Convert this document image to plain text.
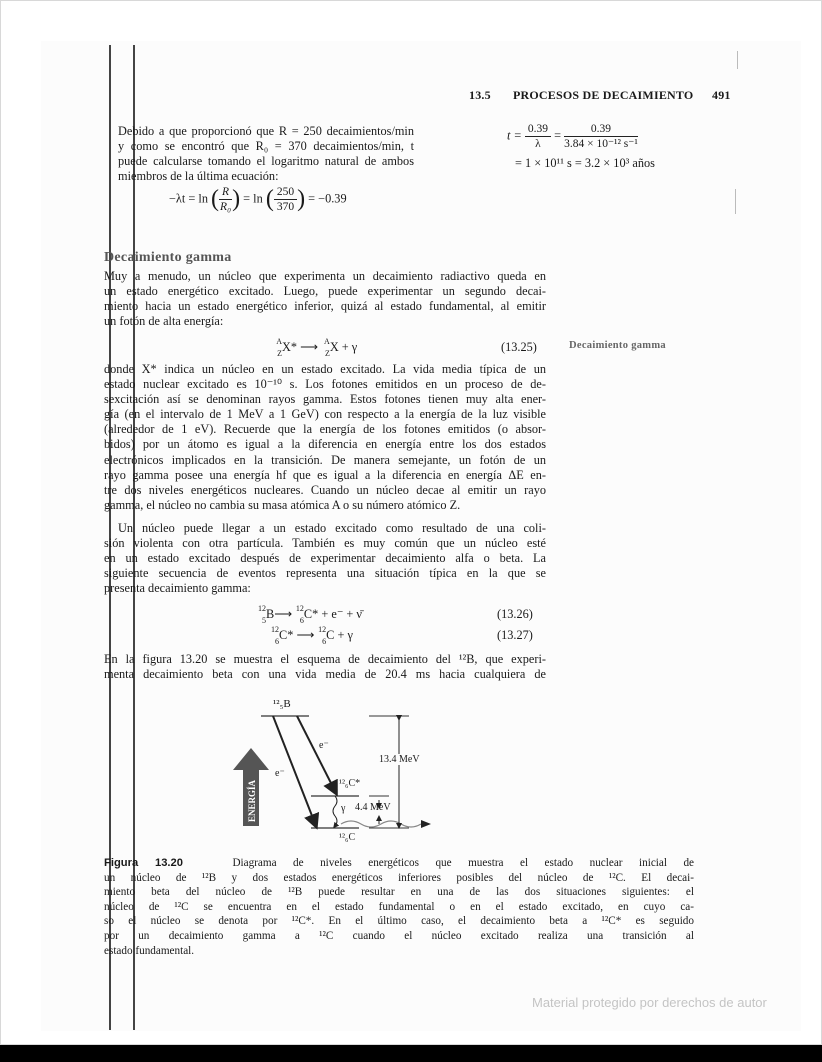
13.5 PROCESOS DE DECAIMIENTO 491
Debido a que proporcionó que R = 250 decaimientos/min
y como se encontró que R₀ = 370 decaimientos/min, t
puede calcularse tomando el logaritmo natural de ambos
miembros de la última ecuación:
−λt = ln ( $\frac{R}{\text{R₀}}$ ) = ln ( $\frac{250}{370}$ ) = −0.39
$t = \frac{0.39}{\lambda} = \frac{0.39}{\text{3.84 × 10⁻¹² s⁻¹}}$
= 1 × 10¹¹ s = 3.2 × 10³ años
Decaimiento gamma
Muy a menudo, un núcleo que experimenta un decaimiento radiactivo queda en
un estado energético excitado. Luego, puede experimentar un segundo decai-
miento hacia un estado energético inferior, quizá al estado fundamental, al emitir
un fotón de alta energía:
A
Z X* ⟶ A
Z X + γ	(13.25)	Decaimiento gamma
donde X* indica un núcleo en un estado excitado. La vida media típica de un
estado nuclear excitado es 10⁻¹⁰ s. Los fotones emitidos en un proceso de de-
sexcitación así se denominan rayos gamma. Estos fotones tienen muy alta ener-
gía (en el intervalo de 1 MeV a 1 GeV) con respecto a la energía de la luz visible
(alrededor de 1 eV). Recuerde que la energía de los fotones emitidos (o absor-
bidos) por un átomo es igual a la diferencia en energía entre los dos estados
electrónicos implicados en la transición. De manera semejante, un fotón de un
rayo gamma posee una energía hf que es igual a la diferencia en energía ΔE en-
tre dos niveles energéticos nucleares. Cuando un núcleo decae al emitir un rayo
gamma, el núcleo no cambia su masa atómica A o su número atómico Z.
Un núcleo puede llegar a un estado excitado como resultado de una coli-
sión violenta con otra partícula. También es muy común que un núcleo esté
en un estado excitado después de experimentar decaimiento alfa o beta. La
siguiente secuencia de eventos representa una situación típica en la que se
presenta decaimiento gamma:
12
5 B⟶ 12
6 C* + e⁻ + ν̄	(13.26)
12
6 C* ⟶ 12
6 C + γ	(13.27)
En la figura 13.20 se muestra el esquema de decaimiento del ¹²B, que experi-
menta decaimiento beta con una vida media de 20.4 ms hacia cualquiera de
ENERGÍA
¹²₅B
e⁻
e⁻
13.4 MeV
¹²₆C*
γ 4.4 MeV
¹²₆C
Figura 13.20	Diagrama de niveles energéticos que muestra el estado nuclear inicial de
un núcleo de ¹²B y dos estados energéticos inferiores posibles del núcleo de ¹²C. El decai-
miento beta del núcleo de ¹²B puede resultar en una de las dos situaciones siguientes: el
núcleo de ¹²C se encuentra en el estado fundamental o en el estado excitado, en cuyo ca-
so el núcleo se denota por ¹²C*. En el último caso, el decaimiento beta a ¹²C* es seguido
por un decaimiento gamma a ¹²C cuando el núcleo excitado realiza una transición al
estado fundamental.
Material protegido por derechos de autor
